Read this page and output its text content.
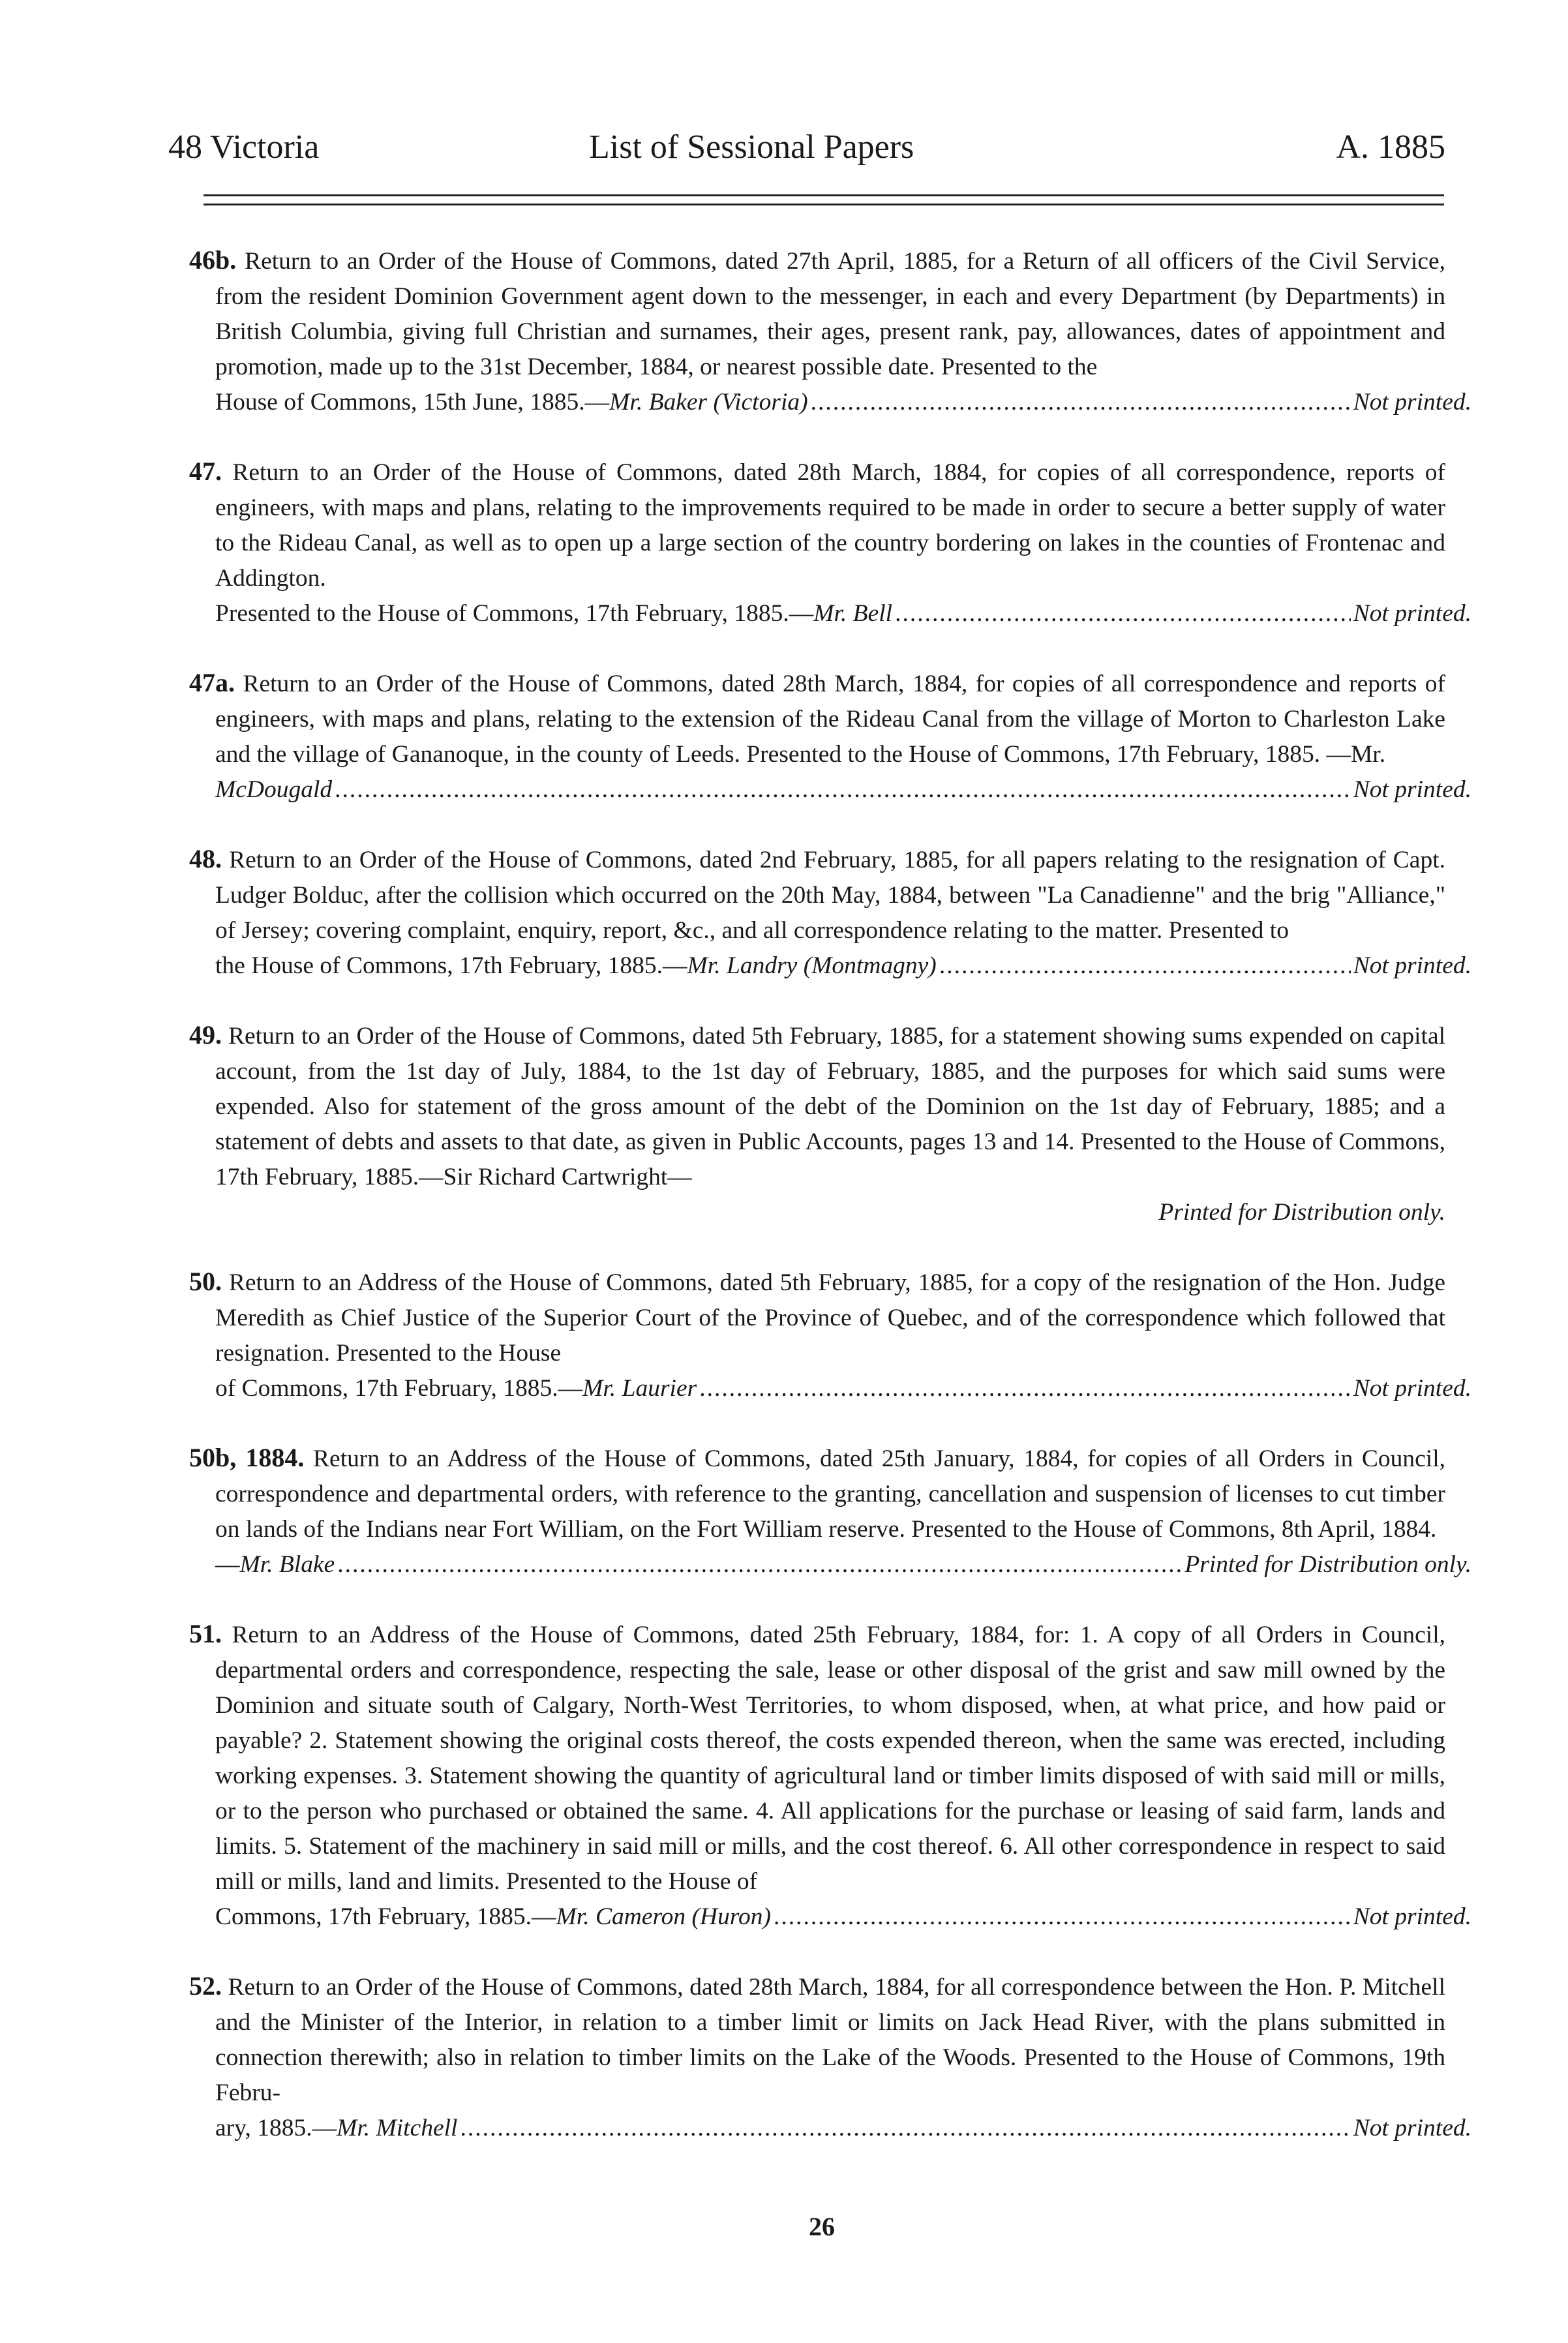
48 Victoria	List of Sessional Papers	A. 1885
46b. Return to an Order of the House of Commons, dated 27th April, 1885, for a Return of all officers of the Civil Service, from the resident Dominion Government agent down to the messenger, in each and every Department (by Departments) in British Columbia, giving full Christian and surnames, their ages, present rank, pay, allowances, dates of appointment and promotion, made up to the 31st December, 1884, or nearest possible date. Presented to the
House of Commons, 15th June, 1885.—Mr. Baker (Victoria) .....	Not printed.
47. Return to an Order of the House of Commons, dated 28th March, 1884, for copies of all correspondence, reports of engineers, with maps and plans, relating to the improvements required to be made in order to secure a better supply of water to the Rideau Canal, as well as to open up a large section of the country bordering on lakes in the counties of Frontenac and Addington.
Presented to the House of Commons, 17th February, 1885.—Mr. Bell .....	Not printed.
47a. Return to an Order of the House of Commons, dated 28th March, 1884, for copies of all correspondence and reports of engineers, with maps and plans, relating to the extension of the Rideau Canal from the village of Morton to Charleston Lake and the village of Gananoque, in the county of Leeds. Presented to the House of Commons, 17th February, 1885. —Mr.
McDougald .....	Not printed.
48. Return to an Order of the House of Commons, dated 2nd February, 1885, for all papers relating to the resignation of Capt. Ludger Bolduc, after the collision which occurred on the 20th May, 1884, between "La Canadienne" and the brig "Alliance," of Jersey; covering complaint, enquiry, report, &c., and all correspondence relating to the matter. Presented to
the House of Commons, 17th February, 1885.—Mr. Landry (Montmagny) .....	Not printed.
49. Return to an Order of the House of Commons, dated 5th February, 1885, for a statement showing sums expended on capital account, from the 1st day of July, 1884, to the 1st day of February, 1885, and the purposes for which said sums were expended. Also for statement of the gross amount of the debt of the Dominion on the 1st day of February, 1885; and a statement of debts and assets to that date, as given in Public Accounts, pages 13 and 14. Presented to the House of Commons, 17th February, 1885.—Sir Richard Cartwright—
Printed for Distribution only.
50. Return to an Address of the House of Commons, dated 5th February, 1885, for a copy of the resignation of the Hon. Judge Meredith as Chief Justice of the Superior Court of the Province of Quebec, and of the correspondence which followed that resignation. Presented to the House
of Commons, 17th February, 1885.—Mr. Laurier .....	Not printed.
50b, 1884. Return to an Address of the House of Commons, dated 25th January, 1884, for copies of all Orders in Council, correspondence and departmental orders, with reference to the granting, cancellation and suspension of licenses to cut timber on lands of the Indians near Fort William, on the Fort William reserve. Presented to the House of Commons, 8th April, 1884.
—Mr. Blake .....	Printed for Distribution only.
51. Return to an Address of the House of Commons, dated 25th February, 1884, for: 1. A copy of all Orders in Council, departmental orders and correspondence, respecting the sale, lease or other disposal of the grist and saw mill owned by the Dominion and situate south of Calgary, North-West Territories, to whom disposed, when, at what price, and how paid or payable? 2. Statement showing the original costs thereof, the costs expended thereon, when the same was erected, including working expenses. 3. Statement showing the quantity of agricultural land or timber limits disposed of with said mill or mills, or to the person who purchased or obtained the same. 4. All applications for the purchase or leasing of said farm, lands and limits. 5. Statement of the machinery in said mill or mills, and the cost thereof. 6. All other correspondence in respect to said mill or mills, land and limits. Presented to the House of
Commons, 17th February, 1885.—Mr. Cameron (Huron) .....	Not printed.
52. Return to an Order of the House of Commons, dated 28th March, 1884, for all correspondence between the Hon. P. Mitchell and the Minister of the Interior, in relation to a timber limit or limits on Jack Head River, with the plans submitted in connection therewith; also in relation to timber limits on the Lake of the Woods. Presented to the House of Commons, 19th Febru-
ary, 1885.—Mr. Mitchell .....	Not printed.
26
